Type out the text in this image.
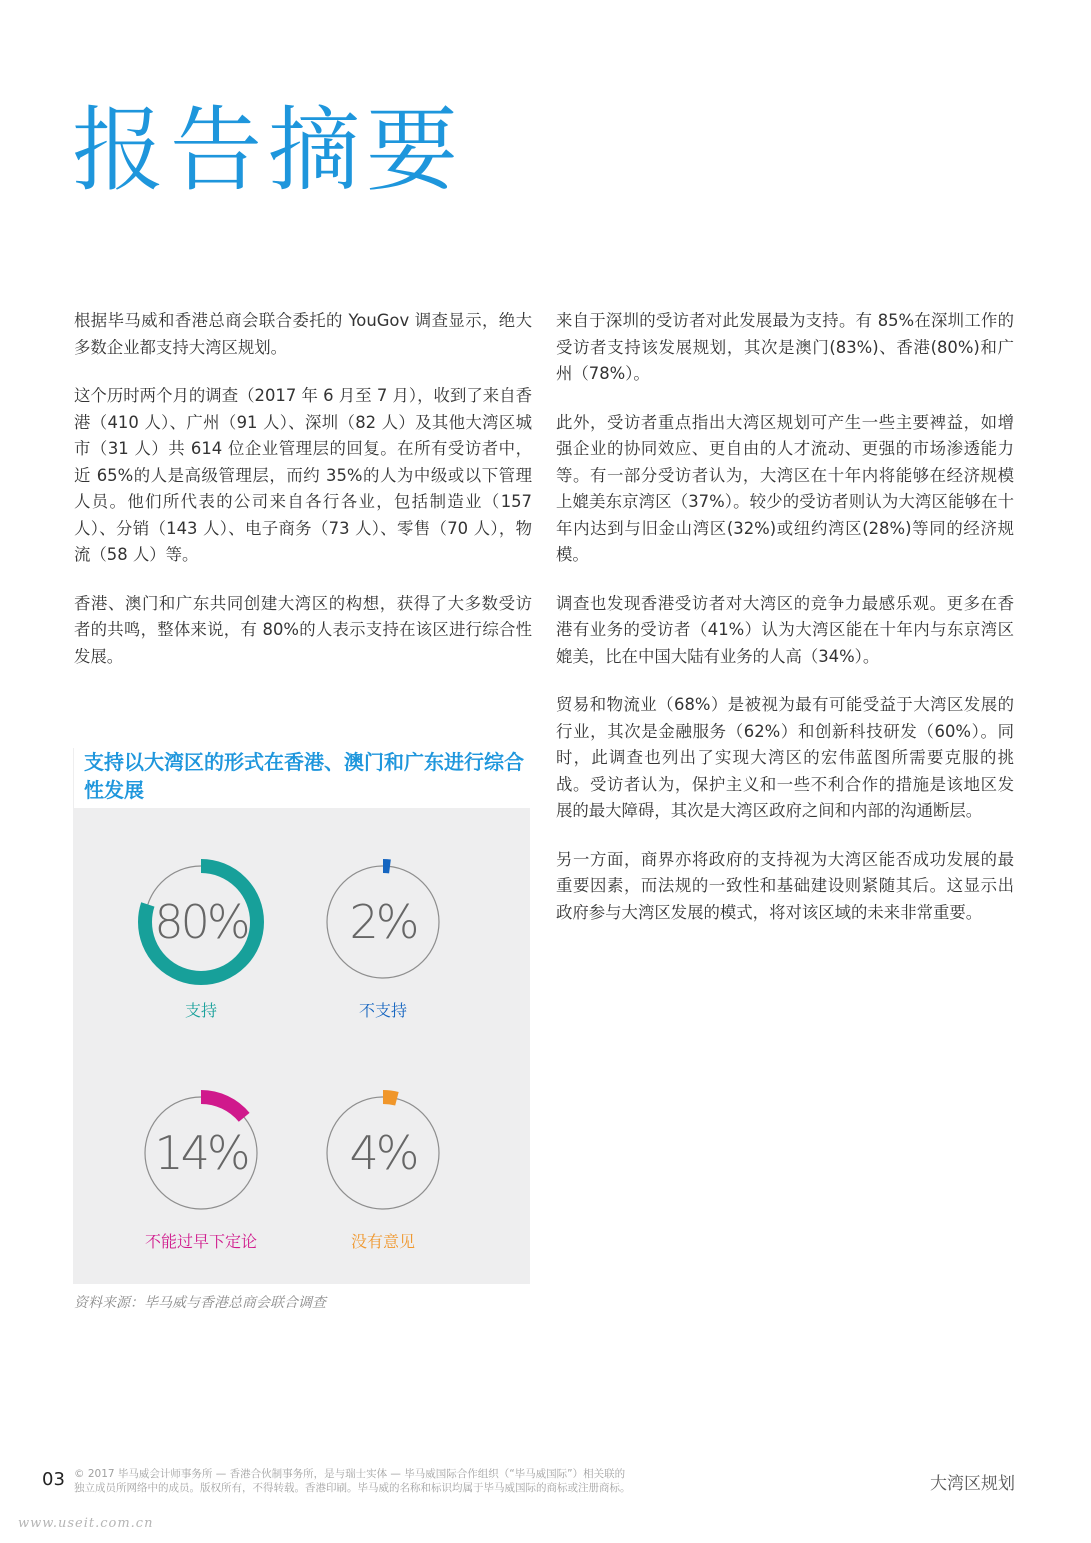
报告摘要

根据毕马威和香港总商会联合委托的 YouGov 调查显示，绝大多数企业都支持大湾区规划。

这个历时两个月的调查（2017 年 6 月至 7 月），收到了来自香港（410 人）、广州（91 人）、深圳（82 人）及其他大湾区城市（31 人）共 614 位企业管理层的回复。在所有受访者中，近 65%的人是高级管理层，而约 35%的人为中级或以下管理人员。他们所代表的公司来自各行各业，包括制造业（157 人）、分销（143 人）、电子商务（73 人）、零售（70 人），物流（58 人）等。

香港、澳门和广东共同创建大湾区的构想，获得了大多数受访者的共鸣，整体来说，有 80%的人表示支持在该区进行综合性发展。

来自于深圳的受访者对此发展最为支持。有 85%在深圳工作的受访者支持该发展规划，其次是澳门(83%)、香港(80%)和广州（78%）。

此外，受访者重点指出大湾区规划可产生一些主要裨益，如增强企业的协同效应、更自由的人才流动、更强的市场渗透能力等。有一部分受访者认为，大湾区在十年内将能够在经济规模上媲美东京湾区（37%）。较少的受访者则认为大湾区能够在十年内达到与旧金山湾区(32%)或纽约湾区(28%)等同的经济规模。

调查也发现香港受访者对大湾区的竞争力最感乐观。更多在香港有业务的受访者（41%）认为大湾区能在十年内与东京湾区媲美，比在中国大陆有业务的人高（34%）。

贸易和物流业（68%）是被视为最有可能受益于大湾区发展的行业，其次是金融服务（62%）和创新科技研发（60%）。同时，此调查也列出了实现大湾区的宏伟蓝图所需要克服的挑战。受访者认为，保护主义和一些不利合作的措施是该地区发展的最大障碍，其次是大湾区政府之间和内部的沟通断层。

另一方面，商界亦将政府的支持视为大湾区能否成功发展的最重要因素，而法规的一致性和基础建设则紧随其后。这显示出政府参与大湾区发展的模式，将对该区域的未来非常重要。

支持以大湾区的形式在香港、澳门和广东进行综合性发展
80%
支持
2%
不支持
14%
不能过早下定论
4%
没有意见
资料来源：毕马威与香港总商会联合调查
03 © 2017 毕马威会计师事务所 — 香港合伙制事务所，是与瑞士实体 — 毕马威国际合作组织（“毕马威国际”）相关联的
独立成员所网络中的成员。版权所有，不得转载。香港印刷。毕马威的名称和标识均属于毕马威国际的商标或注册商标。	大湾区规划
www.useit.com.cn
